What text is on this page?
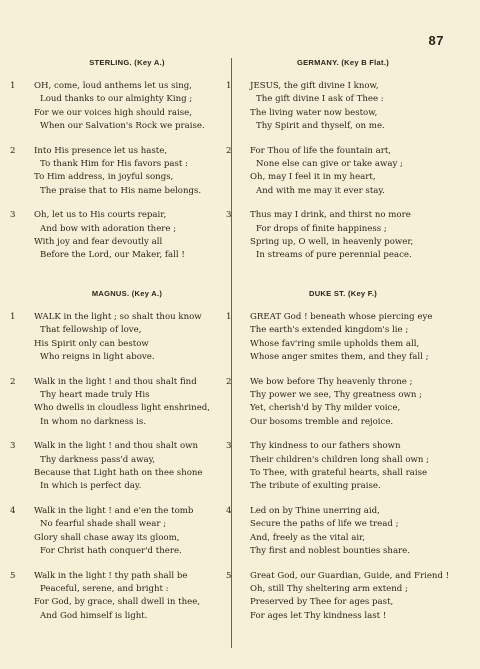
87
STERLING. (Key A.)
1 OH, come, loud anthems let us sing,
Loud thanks to our almighty King ;
For we our voices high should raise,
When our Salvation's Rock we praise.
2 Into His presence let us haste,
To thank Him for His favors past :
To Him address, in joyful songs,
The praise that to His name belongs.
3 Oh, let us to His courts repair,
And bow with adoration there ;
With joy and fear devoutly all
Before the Lord, our Maker, fall !
MAGNUS. (Key A.)
1 WALK in the light ; so shalt thou know
That fellowship of love,
His Spirit only can bestow
Who reigns in light above.
2 Walk in the light ! and thou shalt find
Thy heart made truly His
Who dwells in cloudless light enshrined,
In whom no darkness is.
3 Walk in the light ! and thou shalt own
Thy darkness pass'd away,
Because that Light hath on thee shone
In which is perfect day.
4 Walk in the light ! and e'en the tomb
No fearful shade shall wear ;
Glory shall chase away its gloom,
For Christ hath conquer'd there.
5 Walk in the light ! thy path shall be
Peaceful, serene, and bright :
For God, by grace, shall dwell in thee,
And God himself is light.
GERMANY. (Key B Flat.)
1 JESUS, the gift divine I know,
The gift divine I ask of Thee :
The living water now bestow,
Thy Spirit and thyself, on me.
2 For Thou of life the fountain art,
None else can give or take away ;
Oh, may I feel it in my heart,
And with me may it ever stay.
3 Thus may I drink, and thirst no more
For drops of finite happiness ;
Spring up, O well, in heavenly power,
In streams of pure perennial peace.
DUKE ST. (Key F.)
1 GREAT God ! beneath whose piercing eye
The earth's extended kingdom's lie ;
Whose fav'ring smile upholds them all,
Whose anger smites them, and they fall ;
2 We bow before Thy heavenly throne ;
Thy power we see, Thy greatness own ;
Yet, cherish'd by Thy milder voice,
Our bosoms tremble and rejoice.
3 Thy kindness to our fathers shown
Their children's children long shall own ;
To Thee, with grateful hearts, shall raise
The tribute of exulting praise.
4 Led on by Thine unerring aid,
Secure the paths of life we tread ;
And, freely as the vital air,
Thy first and noblest bounties share.
5 Great God, our Guardian, Guide, and Friend !
Oh, still Thy sheltering arm extend ;
Preserved by Thee for ages past,
For ages let Thy kindness last !
